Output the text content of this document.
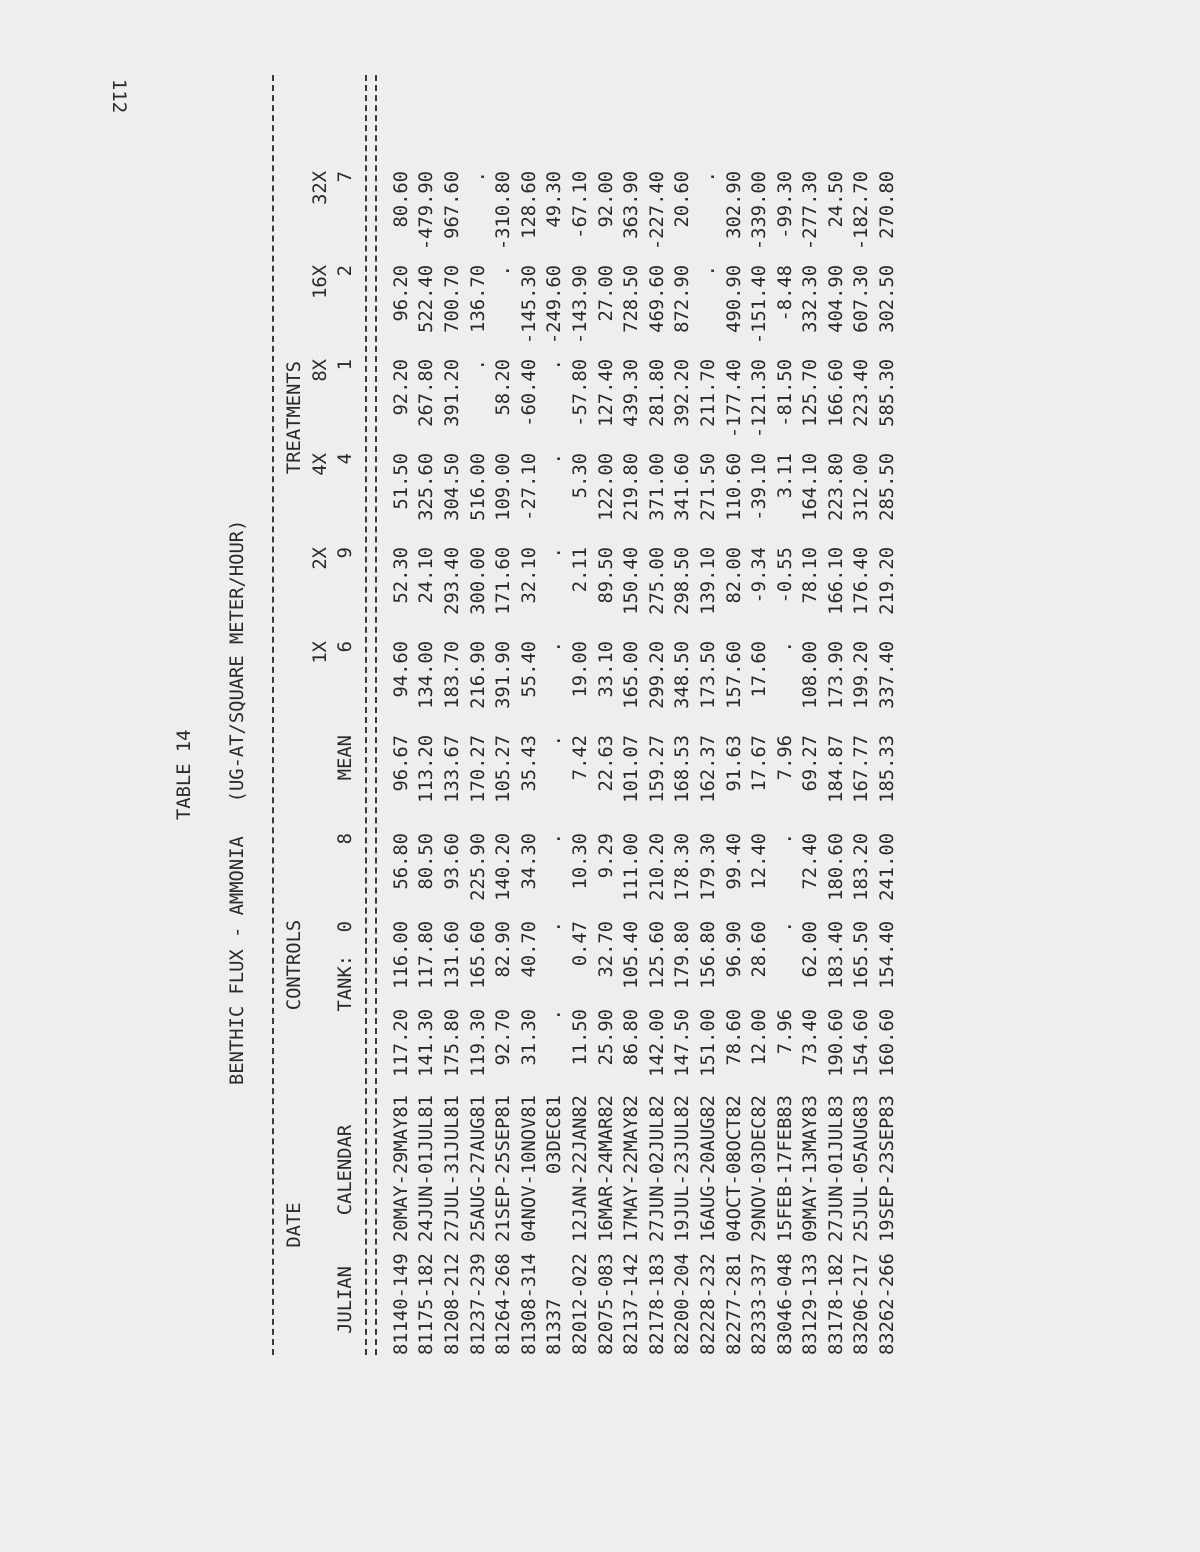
112
TABLE 14 BENTHIC FLUX - AMMONIA   (UG-AT/SQUARE METER/HOUR)
DATE
CONTROLS
TREATMENTS
1X
2X
4X
8X
16X
32X
JULIAN
CALENDAR
TANK:  0
8
MEAN
6
9
4
1
2
7
81140-149
20MAY-29MAY81
117.20
116.00
56.80
96.67
94.60
52.30
51.50
92.20
96.20
80.60
81175-182
24JUN-01JUL81
141.30
117.80
80.50
113.20
134.00
24.10
325.60
267.80
522.40
-479.90
81208-212
27JUL-31JUL81
175.80
131.60
93.60
133.67
183.70
293.40
304.50
391.20
700.70
967.60
81237-239
25AUG-27AUG81
119.30
165.60
225.90
170.27
216.90
300.00
516.00
.
136.70
.
81264-268
21SEP-25SEP81
92.70
82.90
140.20
105.27
391.90
171.60
109.00
58.20
.
-310.80
81308-314
04NOV-10NOV81
31.30
40.70
34.30
35.43
55.40
32.10
-27.10
-60.40
-145.30
128.60
81337
03DEC81
.
.
.
.
.
.
.
.
-249.60
49.30
82012-022
12JAN-22JAN82
11.50
0.47
10.30
7.42
19.00
2.11
5.30
-57.80
-143.90
-67.10
82075-083
16MAR-24MAR82
25.90
32.70
9.29
22.63
33.10
89.50
122.00
127.40
27.00
92.00
82137-142
17MAY-22MAY82
86.80
105.40
111.00
101.07
165.00
150.40
219.80
439.30
728.50
363.90
82178-183
27JUN-02JUL82
142.00
125.60
210.20
159.27
299.20
275.00
371.00
281.80
469.60
-227.40
82200-204
19JUL-23JUL82
147.50
179.80
178.30
168.53
348.50
298.50
341.60
392.20
872.90
20.60
82228-232
16AUG-20AUG82
151.00
156.80
179.30
162.37
173.50
139.10
271.50
211.70
.
.
82277-281
04OCT-08OCT82
78.60
96.90
99.40
91.63
157.60
82.00
110.60
-177.40
490.90
302.90
82333-337
29NOV-03DEC82
12.00
28.60
12.40
17.67
17.60
-9.34
-39.10
-121.30
-151.40
-339.00
83046-048
15FEB-17FEB83
7.96
.
.
7.96
.
-0.55
3.11
-81.50
-8.48
-99.30
83129-133
09MAY-13MAY83
73.40
62.00
72.40
69.27
108.00
78.10
164.10
125.70
332.30
-277.30
83178-182
27JUN-01JUL83
190.60
183.40
180.60
184.87
173.90
166.10
223.80
166.60
404.90
24.50
83206-217
25JUL-05AUG83
154.60
165.50
183.20
167.77
199.20
176.40
312.00
223.40
607.30
-182.70
83262-266
19SEP-23SEP83
160.60
154.40
241.00
185.33
337.40
219.20
285.50
585.30
302.50
270.80
